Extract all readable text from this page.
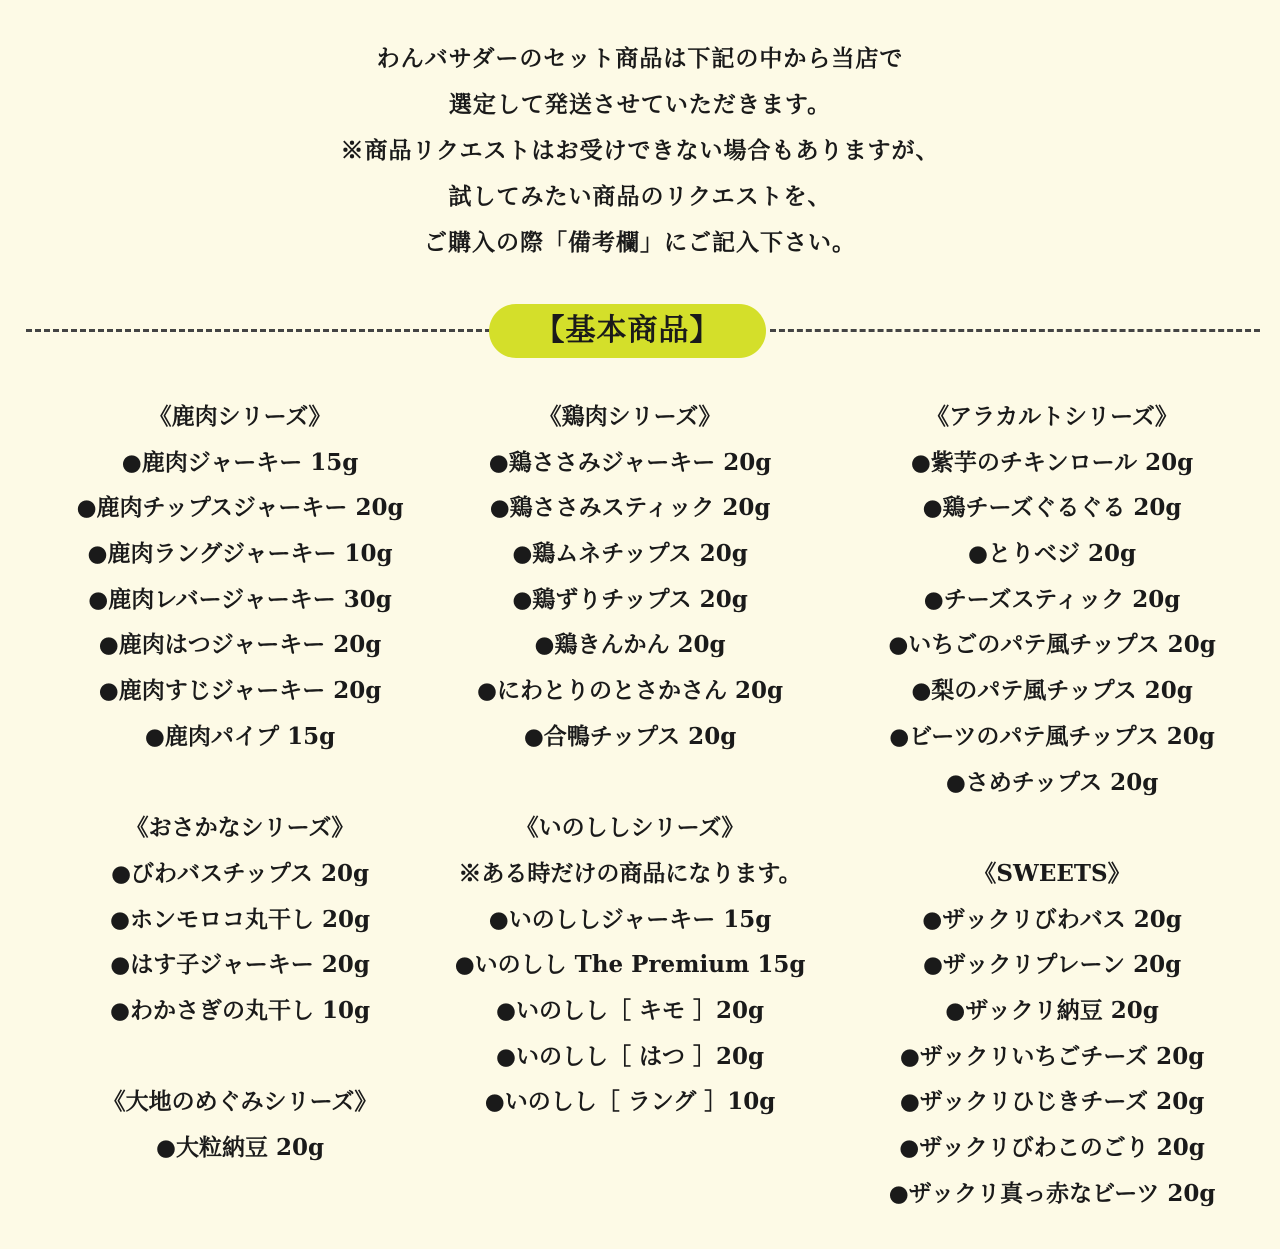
わんバサダーのセット商品は下記の中から当店で

選定して発送させていただきます。

※商品リクエストはお受けできない場合もありますが、

試してみたい商品のリクエストを、

ご購入の際「備考欄」にご記入下さい。

【基本商品】
《鹿肉シリーズ》
●鹿肉ジャーキー 15g
●鹿肉チップスジャーキー 20g
●鹿肉ラングジャーキー 10g
●鹿肉レバージャーキー 30g
●鹿肉はつジャーキー 20g
●鹿肉すじジャーキー 20g
●鹿肉パイプ 15g
《おさかなシリーズ》
●びわバスチップス 20g
●ホンモロコ丸干し 20g
●はす子ジャーキー 20g
●わかさぎの丸干し 10g
《大地のめぐみシリーズ》
●大粒納豆 20g
《鶏肉シリーズ》
●鶏ささみジャーキー 20g
●鶏ささみスティック 20g
●鶏ムネチップス 20g
●鶏ずりチップス 20g
●鶏きんかん 20g
●にわとりのとさかさん 20g
●合鴨チップス 20g
《いのししシリーズ》
※ある時だけの商品になります。
●いのししジャーキー 15g
●いのしし The Premium 15g
●いのしし［ キモ ］20g
●いのしし［ はつ ］20g
●いのしし［ ラング ］10g
《アラカルトシリーズ》
●紫芋のチキンロール 20g
●鶏チーズぐるぐる 20g
●とりベジ 20g
●チーズスティック 20g
●いちごのパテ風チップス 20g
●梨のパテ風チップス 20g
●ビーツのパテ風チップス 20g
●さめチップス 20g
《SWEETS》
●ザックリびわバス 20g
●ザックリプレーン 20g
●ザックリ納豆 20g
●ザックリいちごチーズ 20g
●ザックリひじきチーズ 20g
●ザックリびわこのごり 20g
●ザックリ真っ赤なビーツ 20g
